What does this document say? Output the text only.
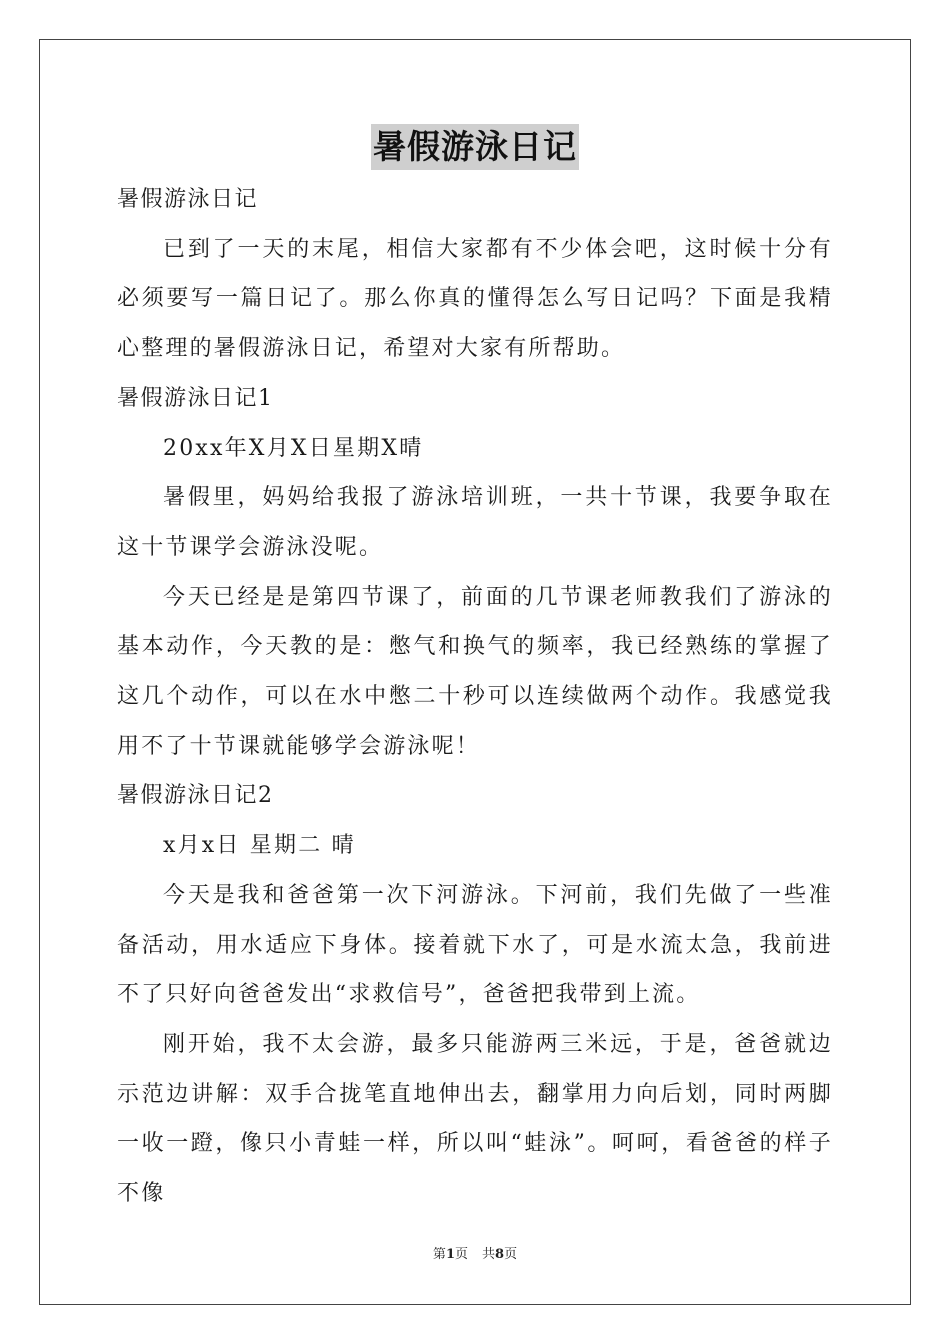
暑假游泳日记

暑假游泳日记

已到了一天的末尾，相信大家都有不少体会吧，这时候十分有必须要写一篇日记了。那么你真的懂得怎么写日记吗？下面是我精心整理的暑假游泳日记，希望对大家有所帮助。

暑假游泳日记1

20xx年X月X日星期X晴

暑假里，妈妈给我报了游泳培训班，一共十节课，我要争取在这十节课学会游泳没呢。

今天已经是是第四节课了，前面的几节课老师教我们了游泳的基本动作，今天教的是：憋气和换气的频率，我已经熟练的掌握了这几个动作，可以在水中憋二十秒可以连续做两个动作。我感觉我用不了十节课就能够学会游泳呢！

暑假游泳日记2

x月x日 星期二 晴

今天是我和爸爸第一次下河游泳。下河前，我们先做了一些准备活动，用水适应下身体。接着就下水了，可是水流太急，我前进不了只好向爸爸发出“求救信号”，爸爸把我带到上流。

刚开始，我不太会游，最多只能游两三米远，于是，爸爸就边示范边讲解：双手合拢笔直地伸出去，翻掌用力向后划，同时两脚一收一蹬，像只小青蛙一样，所以叫“蛙泳”。呵呵，看爸爸的样子不像

第1页 共8页
